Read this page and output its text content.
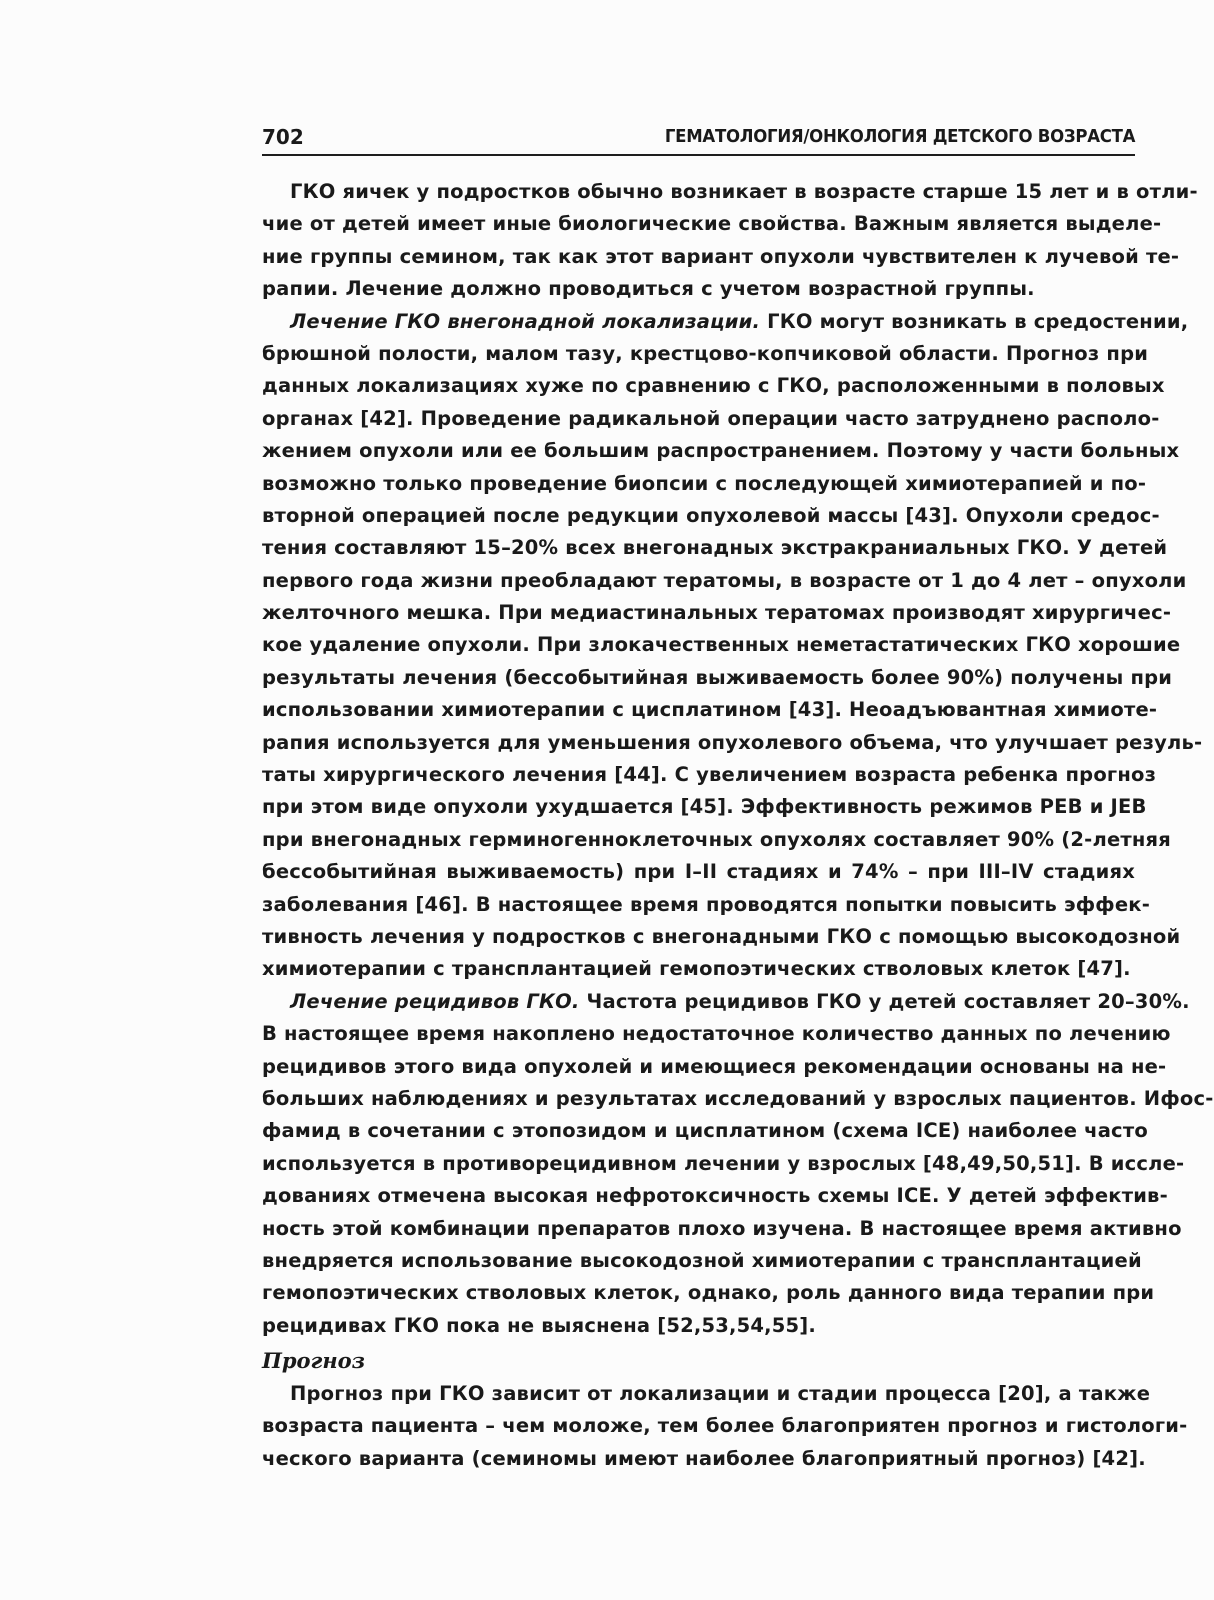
702	ГЕМАТОЛОГИЯ/ОНКОЛОГИЯ ДЕТСКОГО ВОЗРАСТА
ГКО яичек у подростков обычно возникает в возрасте старше 15 лет и в отли-
чие от детей имеет иные биологические свойства. Важным является выделе-
ние группы семином, так как этот вариант опухоли чувствителен к лучевой те-
рапии. Лечение должно проводиться с учетом возрастной группы.
Лечение ГКО внегонадной локализации. ГКО могут возникать в средостении,
брюшной полости, малом тазу, крестцово-копчиковой области. Прогноз при
данных локализациях хуже по сравнению с ГКО, расположенными в половых
органах [42]. Проведение радикальной операции часто затруднено располо-
жением опухоли или ее большим распространением. Поэтому у части больных
возможно только проведение биопсии с последующей химиотерапией и по-
вторной операцией после редукции опухолевой массы [43]. Опухоли средос-
тения составляют 15–20% всех внегонадных экстракраниальных ГКО. У детей
первого года жизни преобладают тератомы, в возрасте от 1 до 4 лет – опухоли
желточного мешка. При медиастинальных тератомах производят хирургичес-
кое удаление опухоли. При злокачественных неметастатических ГКО хорошие
результаты лечения (бессобытийная выживаемость более 90%) получены при
использовании химиотерапии с цисплатином [43]. Неоадъювантная химиоте-
рапия используется для уменьшения опухолевого объема, что улучшает резуль-
таты хирургического лечения [44]. С увеличением возраста ребенка прогноз
при этом виде опухоли ухудшается [45]. Эффективность режимов PEB и JEB
при внегонадных герминогенноклеточных опухолях составляет 90% (2-летняя
бессобытийная выживаемость) при I–II стадиях и 74% – при III–IV стадиях
заболевания [46]. В настоящее время проводятся попытки повысить эффек-
тивность лечения у подростков с внегонадными ГКО с помощью высокодозной
химиотерапии с трансплантацией гемопоэтических стволовых клеток [47].
Лечение рецидивов ГКО. Частота рецидивов ГКО у детей составляет 20–30%.
В настоящее время накоплено недостаточное количество данных по лечению
рецидивов этого вида опухолей и имеющиеся рекомендации основаны на не-
больших наблюдениях и результатах исследований у взрослых пациентов. Ифос-
фамид в сочетании с этопозидом и цисплатином (схема ICE) наиболее часто
используется в противорецидивном лечении у взрослых [48,49,50,51]. В иссле-
дованиях отмечена высокая нефротоксичность схемы ICE. У детей эффектив-
ность этой комбинации препаратов плохо изучена. В настоящее время активно
внедряется использование высокодозной химиотерапии с трансплантацией
гемопоэтических стволовых клеток, однако, роль данного вида терапии при
рецидивах ГКО пока не выяснена [52,53,54,55].
Прогноз
Прогноз при ГКО зависит от локализации и стадии процесса [20], а также
возраста пациента – чем моложе, тем более благоприятен прогноз и гистологи-
ческого варианта (семиномы имеют наиболее благоприятный прогноз) [42].
